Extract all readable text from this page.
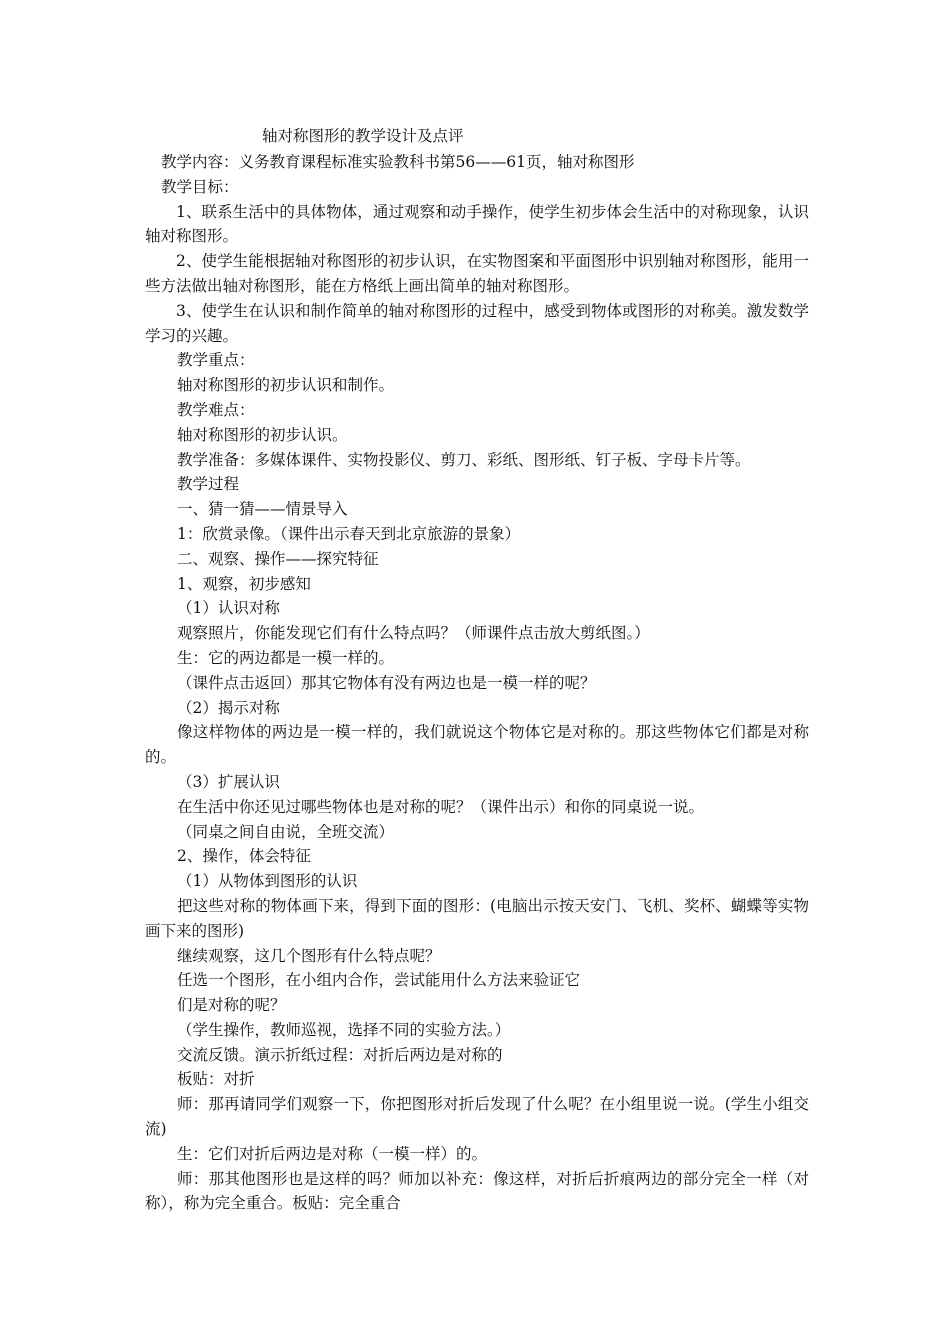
轴对称图形的教学设计及点评

教学内容：义务教育课程标准实验教科书第56——61页，轴对称图形

教学目标：

1、联系生活中的具体物体，通过观察和动手操作，使学生初步体会生活中的对称现象，认识轴对称图形。

2、使学生能根据轴对称图形的初步认识，在实物图案和平面图形中识别轴对称图形，能用一些方法做出轴对称图形，能在方格纸上画出简单的轴对称图形。

3、使学生在认识和制作简单的轴对称图形的过程中，感受到物体或图形的对称美。激发数学学习的兴趣。

教学重点：

轴对称图形的初步认识和制作。

教学难点：

轴对称图形的初步认识。

教学准备：多媒体课件、实物投影仪、剪刀、彩纸、图形纸、钉子板、字母卡片等。

教学过程

一、猜一猜——情景导入

1：欣赏录像。（课件出示春天到北京旅游的景象）

二、观察、操作——探究特征

1、观察，初步感知

（1）认识对称

观察照片，你能发现它们有什么特点吗？（师课件点击放大剪纸图。）

生：它的两边都是一模一样的。

（课件点击返回）那其它物体有没有两边也是一模一样的呢？

（2）揭示对称

像这样物体的两边是一模一样的，我们就说这个物体它是对称的。那这些物体它们都是对称的。

（3）扩展认识

在生活中你还见过哪些物体也是对称的呢？（课件出示）和你的同桌说一说。

（同桌之间自由说，全班交流）

2、操作，体会特征

（1）从物体到图形的认识

把这些对称的物体画下来，得到下面的图形：(电脑出示按天安门、飞机、奖杯、蝴蝶等实物画下来的图形)

继续观察，这几个图形有什么特点呢？

任选一个图形，在小组内合作，尝试能用什么方法来验证它

们是对称的呢？

（学生操作，教师巡视，选择不同的实验方法。）

交流反馈。演示折纸过程：对折后两边是对称的

板贴：对折

师：那再请同学们观察一下，你把图形对折后发现了什么呢？在小组里说一说。(学生小组交流)

生：它们对折后两边是对称（一模一样）的。

师：那其他图形也是这样的吗？师加以补充：像这样，对折后折痕两边的部分完全一样（对称），称为完全重合。板贴：完全重合
